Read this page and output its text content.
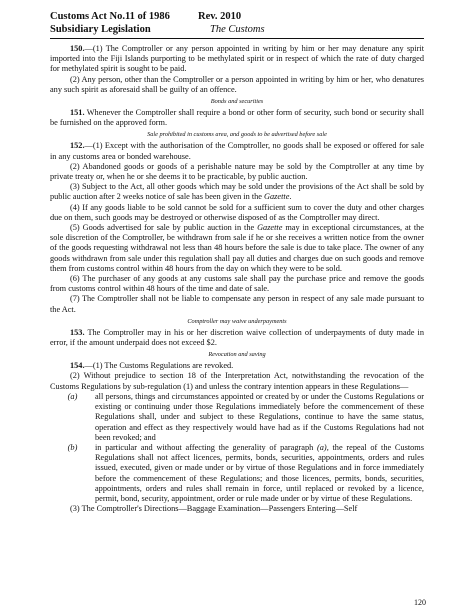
Customs Act No.11 of 1986	Rev. 2010
Subsidiary Legislation	The Customs

150.—(1) The Comptroller or any person appointed in writing by him or her may denature any spirit imported into the Fiji Islands purporting to be methylated spirit or in respect of which the rate of duty charged for methylated spirit is sought to be paid.

(2) Any person, other than the Comptroller or a person appointed in writing by him or her, who denatures any such spirit as aforesaid shall be guilty of an offence.

Bonds and securities

151. Whenever the Comptroller shall require a bond or other form of security, such bond or security shall be furnished on the approved form.

Sale prohibited in customs area, and goods to be advertised before sale

152.—(1) Except with the authorisation of the Comptroller, no goods shall be exposed or offered for sale in any customs area or bonded warehouse.

(2) Abandoned goods or goods of a perishable nature may be sold by the Comptroller at any time by private treaty or, when he or she deems it to be practicable, by public auction.

(3) Subject to the Act, all other goods which may be sold under the provisions of the Act shall be sold by public auction after 2 weeks notice of sale has been given in the Gazette.

(4) If any goods liable to be sold cannot be sold for a sufficient sum to cover the duty and other charges due on them, such goods may be destroyed or otherwise disposed of as the Comptroller may direct.

(5) Goods advertised for sale by public auction in the Gazette may in exceptional circumstances, at the sole discretion of the Comptroller, be withdrawn from sale if he or she receives a written notice from the owner of the goods requesting withdrawal not less than 48 hours before the sale is due to take place. The owner of any goods withdrawn from sale under this regulation shall pay all duties and charges due on such goods and remove them from customs control within 48 hours from the day on which they were to be sold.

(6) The purchaser of any goods at any customs sale shall pay the purchase price and remove the goods from customs control within 48 hours of the time and date of sale.

(7) The Comptroller shall not be liable to compensate any person in respect of any sale made pursuant to the Act.

Comptroller may waive underpayments

153. The Comptroller may in his or her discretion waive collection of underpayments of duty made in error, if the amount underpaid does not exceed $2.

Revocation and saving

154.—(1) The Customs Regulations are revoked.

(2) Without prejudice to section 18 of the Interpretation Act, notwithstanding the revocation of the Customs Regulations by sub-regulation (1) and unless the contrary intention appears in these Regulations—

(a)	all persons, things and circumstances appointed or created by or under the Customs Regulations or existing or continuing under those Regulations immediately before the commencement of these Regulations shall, under and subject to these Regulations, continue to have the same status, operation and effect as they respectively would have had as if the Customs Regulations had not been revoked; and
(b)	in particular and without affecting the generality of paragraph (a), the repeal of the Customs Regulations shall not affect licences, permits, bonds, securities, appointments, orders and rules issued, executed, given or made under or by virtue of those Regulations and in force immediately before the commencement of these Regulations; and those licences, permits, bonds, securities, appointments, orders and rules shall remain in force, until replaced or revoked by a licence, permit, bond, security, appointment, order or rule made under or by virtue of these Regulations.

(3) The Comptroller's Directions—Baggage Examination—Passengers Entering—Self

120
